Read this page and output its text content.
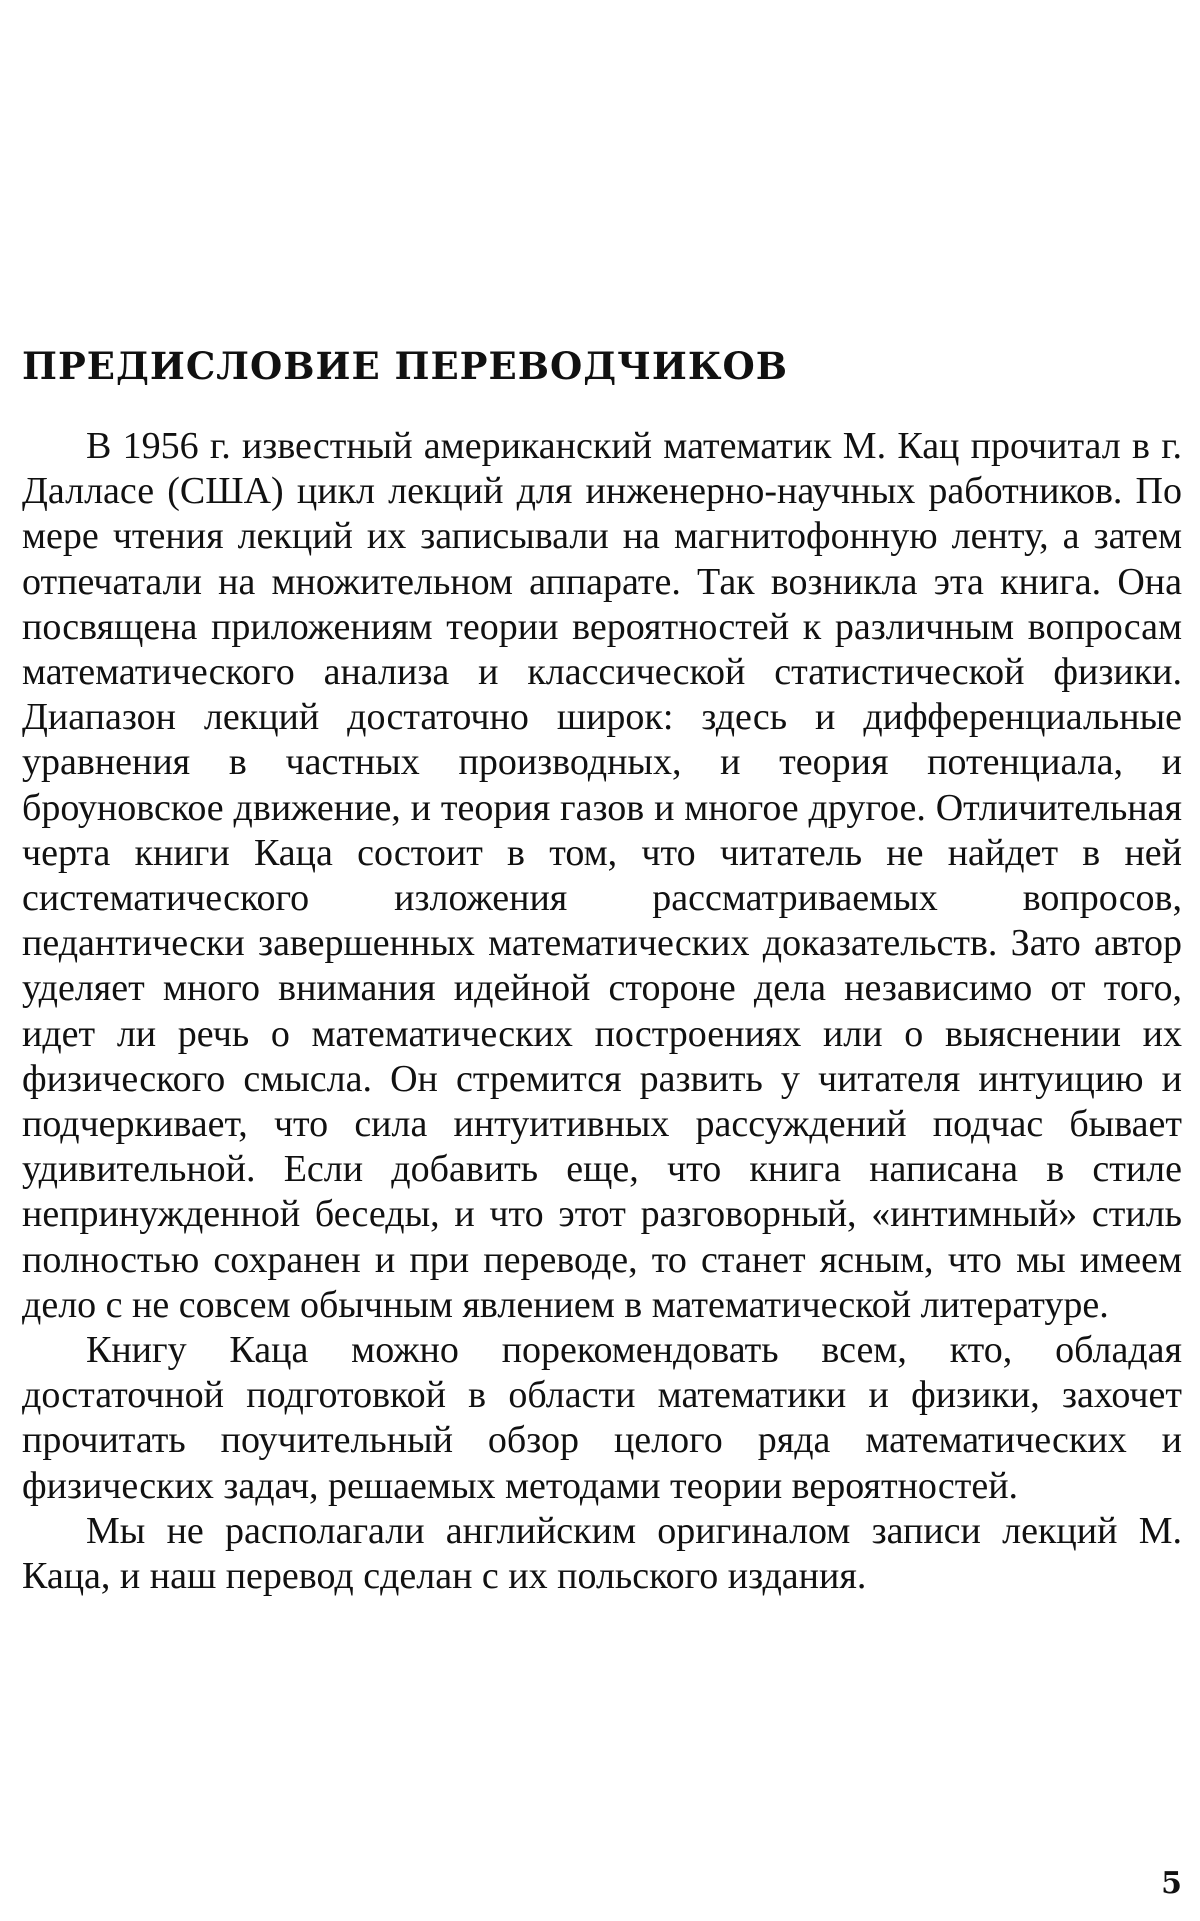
ПРЕДИСЛОВИЕ ПЕРЕВОДЧИКОВ

В 1956 г. известный американский математик М. Кац прочитал в г. Далласе (США) цикл лекций для инженерно-научных работников. По мере чтения лекций их записывали на магнитофонную ленту, а затем отпечатали на множительном аппарате. Так возникла эта книга. Она посвящена приложениям теории вероятностей к различным вопросам математического анализа и классической статистической физики. Диапазон лекций достаточно широк: здесь и дифференциальные уравнения в частных производных, и теория потенциала, и броуновское движение, и теория газов и многое другое. Отличительная черта книги Каца состоит в том, что читатель не найдет в ней систематического изложения рассматриваемых вопросов, педантически завершенных математических доказательств. Зато автор уделяет много внимания идейной стороне дела независимо от того, идет ли речь о математических построениях или о выяснении их физического смысла. Он стремится развить у читателя интуицию и подчеркивает, что сила интуитивных рассуждений подчас бывает удивительной. Если добавить еще, что книга написана в стиле непринужденной беседы, и что этот разговорный, «интимный» стиль полностью сохранен и при переводе, то станет ясным, что мы имеем дело с не совсем обычным явлением в математической литературе.

Книгу Каца можно порекомендовать всем, кто, обладая достаточной подготовкой в области математики и физики, захочет прочитать поучительный обзор целого ряда математических и физических задач, решаемых методами теории вероятностей.

Мы не располагали английским оригиналом записи лекций М. Каца, и наш перевод сделан с их польского издания.

5
